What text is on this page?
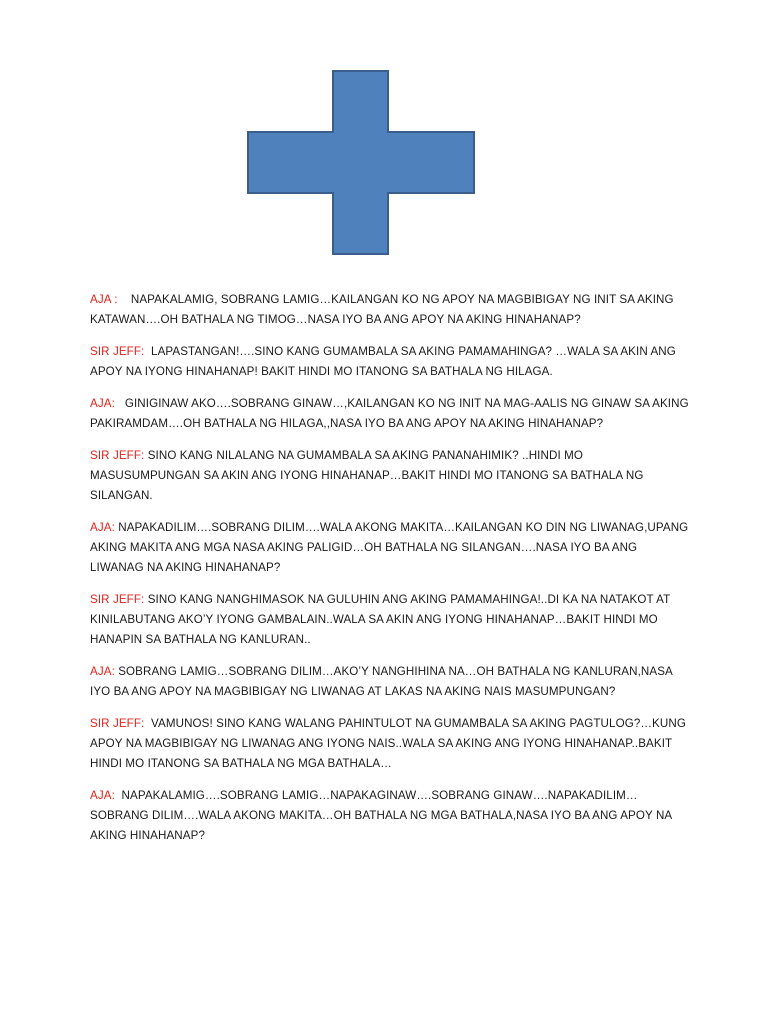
AJA : NAPAKALAMIG, SOBRANG LAMIG…KAILANGAN KO NG APOY NA MAGBIBIGAY NG INIT SA AKING KATAWAN….OH BATHALA NG TIMOG…NASA IYO BA ANG APOY NA AKING HINAHANAP?

SIR JEFF: LAPASTANGAN!….SINO KANG GUMAMBALA SA AKING PAMAMAHINGA? …WALA SA AKIN ANG APOY NA IYONG HINAHANAP! BAKIT HINDI MO ITANONG SA BATHALA NG HILAGA.

AJA: GINIGINAW AKO….SOBRANG GINAW…,KAILANGAN KO NG INIT NA MAG-AALIS NG GINAW SA AKING PAKIRAMDAM….OH BATHALA NG HILAGA,,NASA IYO BA ANG APOY NA AKING HINAHANAP?

SIR JEFF: SINO KANG NILALANG NA GUMAMBALA SA AKING PANANAHIMIK? ..HINDI MO MASUSUMPUNGAN SA AKIN ANG IYONG HINAHANAP…BAKIT HINDI MO ITANONG SA BATHALA NG SILANGAN.

AJA: NAPAKADILIM….SOBRANG DILIM….WALA AKONG MAKITA…KAILANGAN KO DIN NG LIWANAG,UPANG AKING MAKITA ANG MGA NASA AKING PALIGID…OH BATHALA NG SILANGAN….NASA IYO BA ANG LIWANAG NA AKING HINAHANAP?

SIR JEFF: SINO KANG NANGHIMASOK NA GULUHIN ANG AKING PAMAMAHINGA!..DI KA NA NATAKOT AT KINILABUTANG AKO’Y IYONG GAMBALAIN..WALA SA AKIN ANG IYONG HINAHANAP…BAKIT HINDI MO HANAPIN SA BATHALA NG KANLURAN..

AJA: SOBRANG LAMIG…SOBRANG DILIM…AKO’Y NANGHIHINA NA…OH BATHALA NG KANLURAN,NASA IYO BA ANG APOY NA MAGBIBIGAY NG LIWANAG AT LAKAS NA AKING NAIS MASUMPUNGAN?

SIR JEFF: VAMUNOS! SINO KANG WALANG PAHINTULOT NA GUMAMBALA SA AKING PAGTULOG?…KUNG APOY NA MAGBIBIGAY NG LIWANAG ANG IYONG NAIS..WALA SA AKING ANG IYONG HINAHANAP..BAKIT HINDI MO ITANONG SA BATHALA NG MGA BATHALA…

AJA: NAPAKALAMIG….SOBRANG LAMIG…NAPAKAGINAW….SOBRANG GINAW….NAPAKADILIM… SOBRANG DILIM….WALA AKONG MAKITA…OH BATHALA NG MGA BATHALA,NASA IYO BA ANG APOY NA AKING HINAHANAP?
